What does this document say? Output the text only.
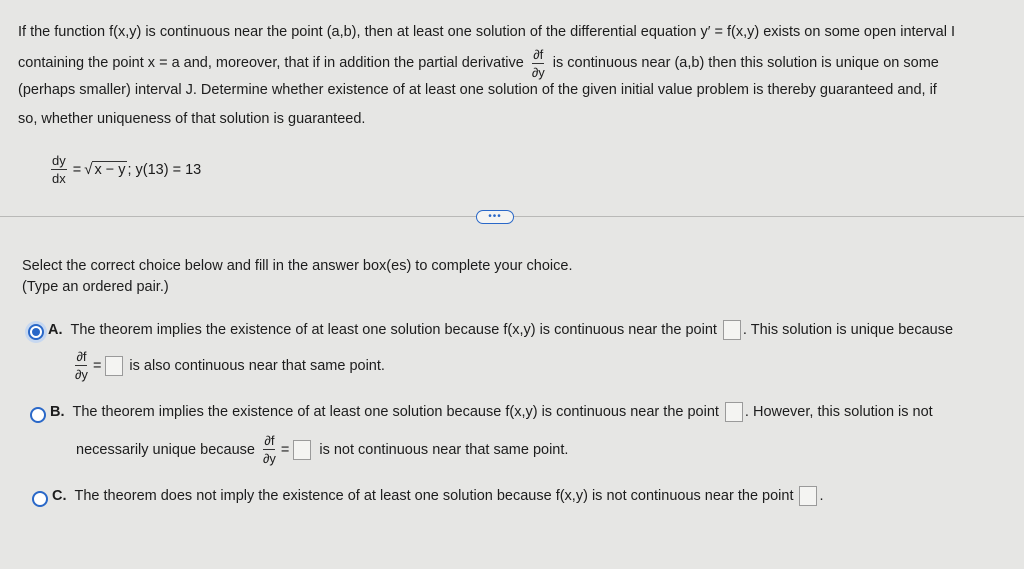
If the function f(x,y) is continuous near the point (a,b), then at least one solution of the differential equation y′ = f(x,y) exists on some open interval I
containing the point x = a and, moreover, that if in addition the partial derivative $\frac{\partial f}{\partial y}$ is continuous near (a,b) then this solution is unique on some
(perhaps smaller) interval J. Determine whether existence of at least one solution of the given initial value problem is thereby guaranteed and, if
so, whether uniqueness of that solution is guaranteed.
$\frac{dy}{dx}$ = √ x − y ; y(13) = 13
•••
Select the correct choice below and fill in the answer box(es) to complete your choice.
(Type an ordered pair.)
A. The theorem implies the existence of at least one solution because f(x,y) is continuous near the point . This solution is unique because
$\frac{\partial f}{\partial y}$ = is also continuous near that same point.
B. The theorem implies the existence of at least one solution because f(x,y) is continuous near the point . However, this solution is not
necessarily unique because $\frac{\partial f}{\partial y}$ = is not continuous near that same point.
C. The theorem does not imply the existence of at least one solution because f(x,y) is not continuous near the point .
